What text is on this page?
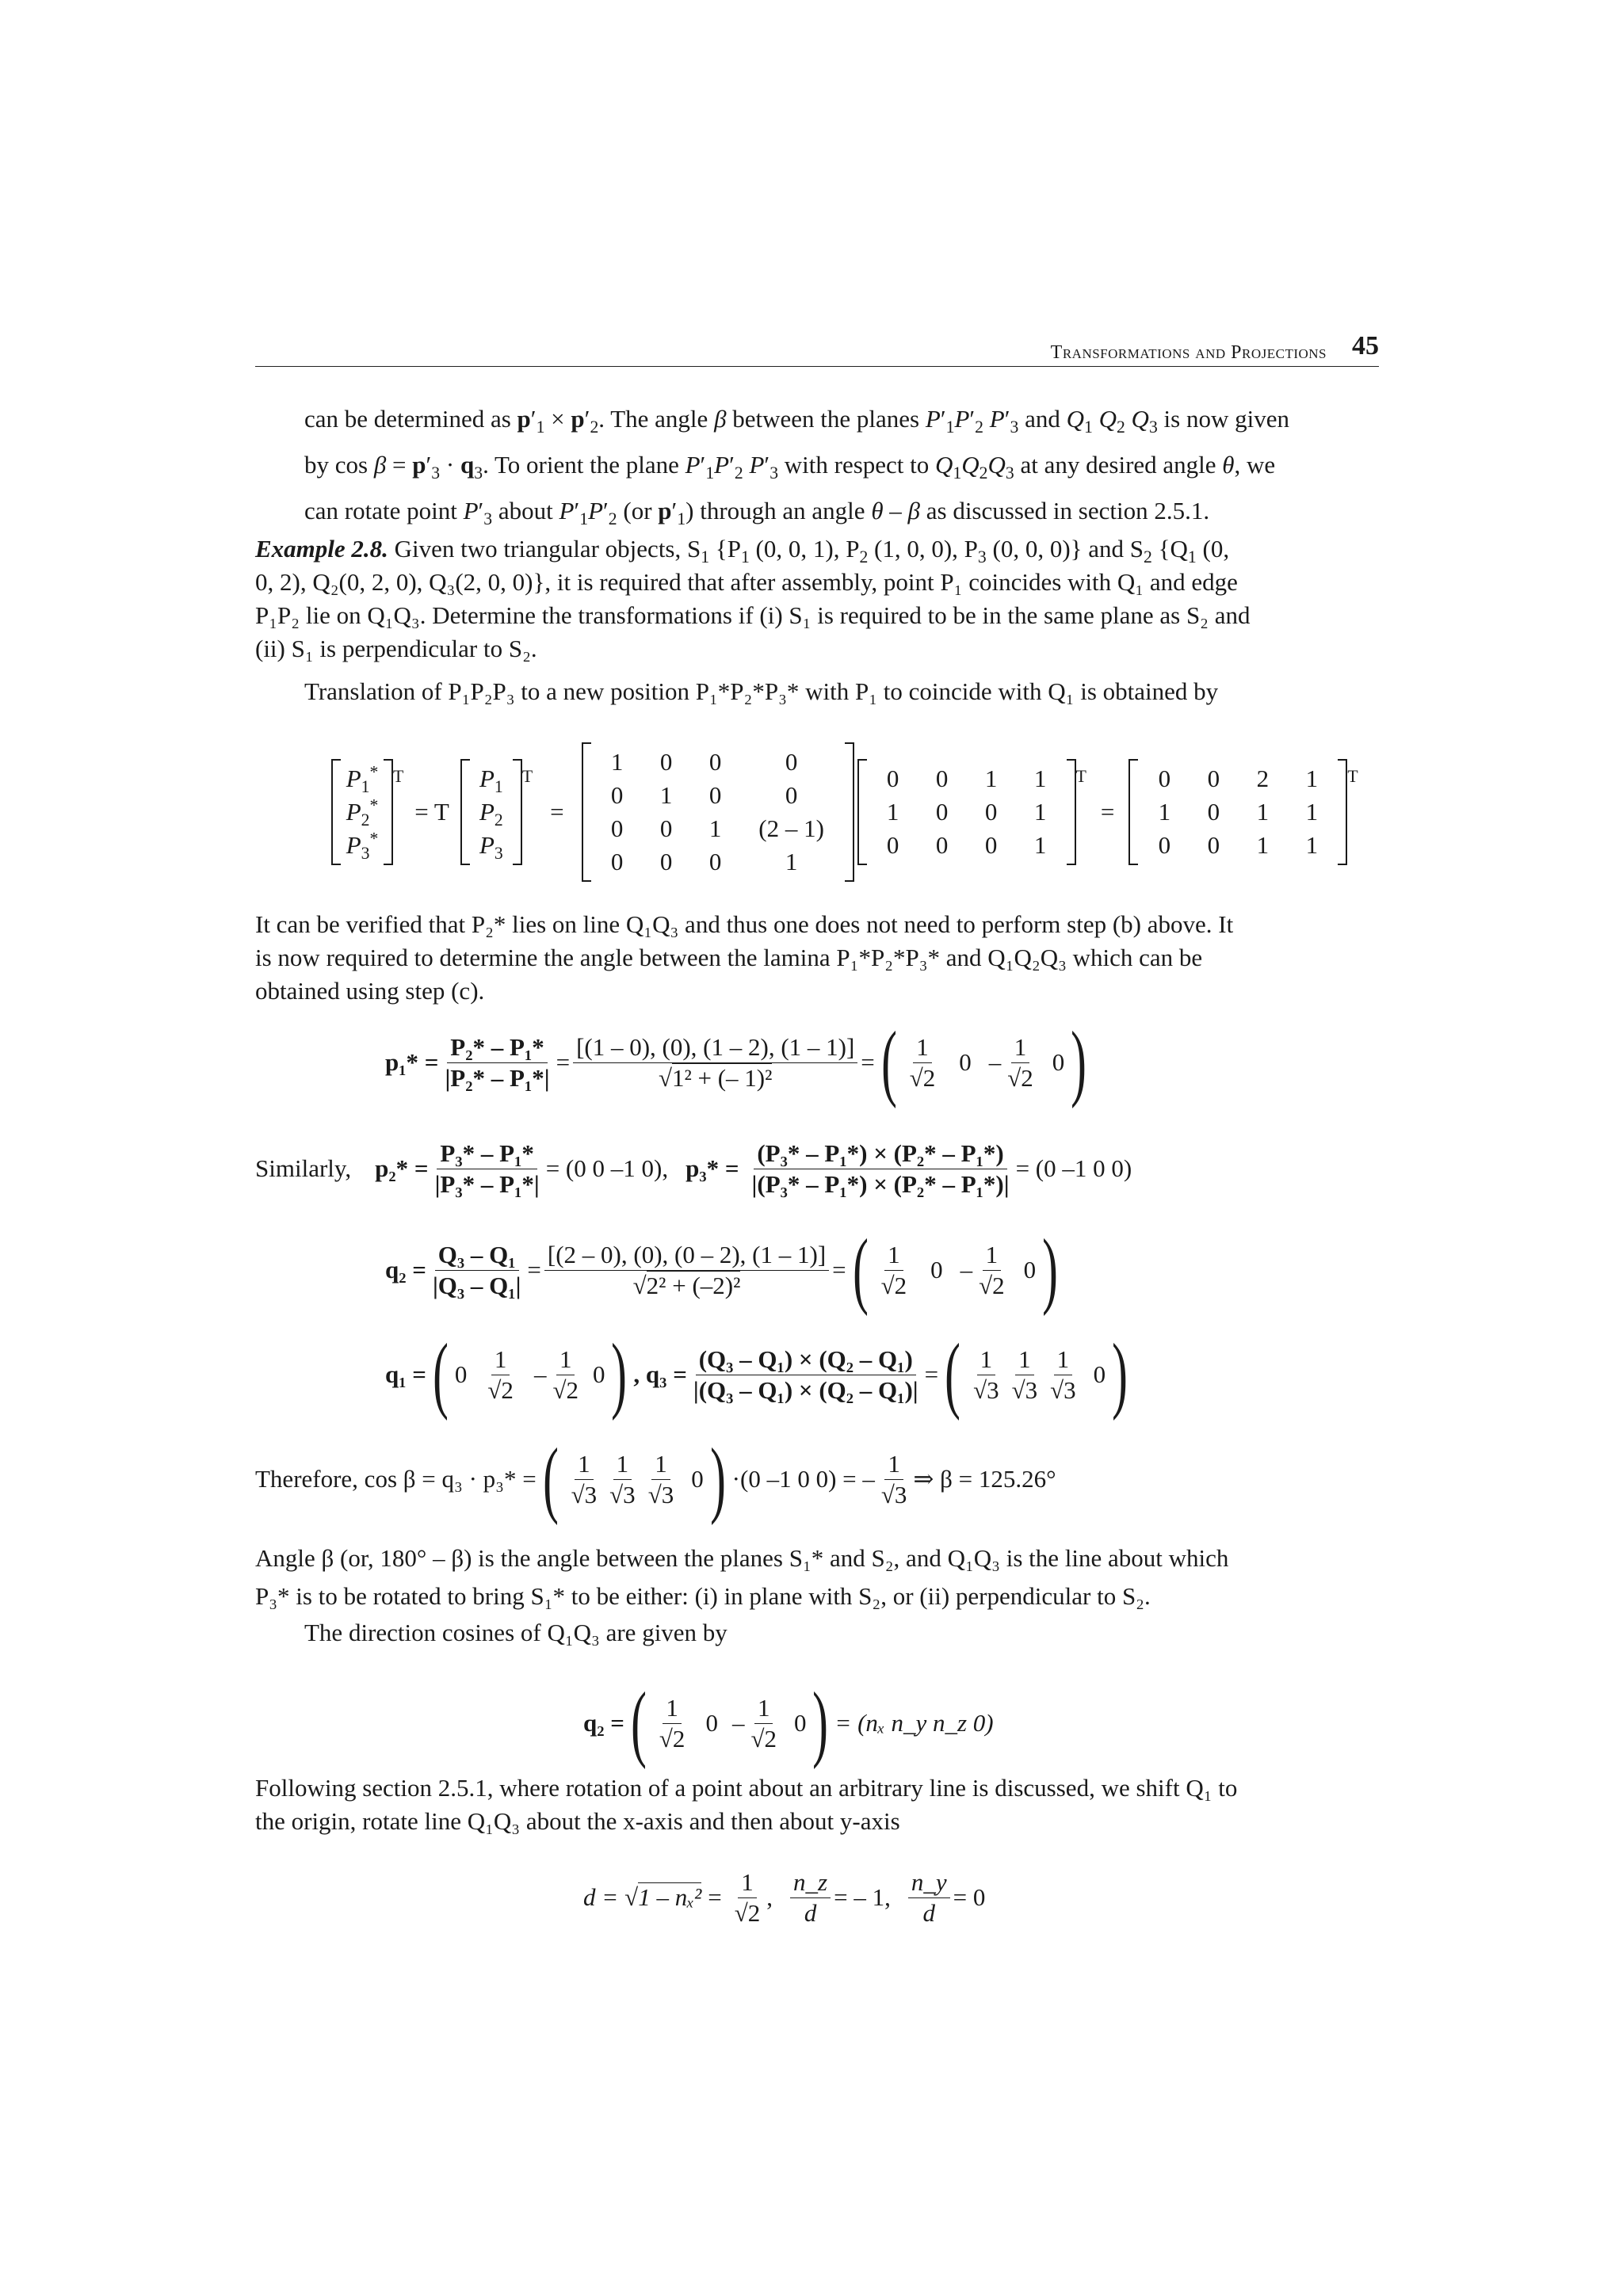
Transformations and Projections 45
can be determined as $p'_1 \times p'_2$. The angle β between the planes $P'_1P'_2$ $P'_3$ and $Q_1$ $Q_2$ $Q_3$ is now given
by $\cos \beta = p'_3 \cdot q_3$. To orient the plane $P'_1P'_2$ $P'_3$ with respect to $Q_1Q_2Q_3$ at any desired angle θ, we
can rotate point $P'_3$ about $P'_1P'_2$ (or $p'_1$) through an angle θ – β as discussed in section 2.5.1.
Example 2.8. Given two triangular objects, $S_1$ {$P_1$ (0, 0, 1), $P_2$ (1, 0, 0), $P_3$ (0, 0, 0)} and $S_2$ {$Q_1$ (0,
0, 2), Q₂(0, 2, 0), Q₃(2, 0, 0)}, it is required that after assembly, point P₁ coincides with Q₁ and edge
P₁P₂ lie on Q₁Q₃. Determine the transformations if (i) S₁ is required to be in the same plane as S₂ and
(ii) S₁ is perpendicular to S₂.
Translation of P₁P₂P₃ to a new position P₁*P₂*P₃* with P₁ to coincide with Q₁ is obtained by
$P_1^*$
$P_2^*$
$P_3^*$
T
= T
$P_1$
$P_2$
$P_3$
T
=
1	0	0	0
0	1	0	0
0	0	1	(2 – 1)
0	0	0	1
0	0	1	1
1	0	0	1
0	0	0	1
T
=
0	0	2	1
1	0	1	1
0	0	1	1
T
It can be verified that P₂* lies on line Q₁Q₃ and thus one does not need to perform step (b) above. It
is now required to determine the angle between the lamina P₁*P₂*P₃* and Q₁Q₂Q₃ which can be
obtained using step (c).
$p_1* = \frac{\text{P₂* – P₁*}}{\text{|P₂* – P₁*|}} = \frac{[(1 - 0), (0), (1 - 2), (1 - 1)]}{\text{√1² + (– 1)²}}$ = ( $\frac{1}{√2} 0 - \frac{1}{√2} 0$ )
Similarly, $p_2* = \frac{\text{P₃* – P₁*}}{\text{|P₃* – P₁*|}} = (0$ 0 –1 0), $p_3* = \frac{\text{(P₃* – P₁*) × (P₂* – P₁*)}}{\text{|(P₃* – P₁*) × (P₂* – P₁*)|}} = (0$ –1 0 0)
$q_2 = \frac{\text{Q₃ – Q₁}}{\text{|Q₃ – Q₁|}} = \frac{[(2 - 0), (0), (0 - 2), (1 - 1)]}{\text{√2² + (–2)²}}$ = ( $\frac{1}{√2} 0 - \frac{1}{√2} 0$ )
q₁ = ( $0 \frac{1}{√2} - \frac{1}{√2} 0$ ) , $q_3 = \frac{\text{(Q₃ – Q₁) × (Q₂ – Q₁)}}{\text{|(Q₃ – Q₁) × (Q₂ – Q₁)|}}$ = ( $\frac{1}{√3} \frac{1}{√3} \frac{1}{√3} 0$ )
Therefore, cos β = q₃ · p₃* = ( $\frac{1}{√3} \frac{1}{√3} \frac{1}{√3} 0$ ) ·(0 –1 0 0) = – $\frac{1}{√3}$ ⇒ β = 125.26°
Angle β (or, 180° – β) is the angle between the planes S₁* and S₂, and Q₁Q₃ is the line about which
P₃* is to be rotated to bring S₁* to be either: (i) in plane with S₂, or (ii) perpendicular to S₂.
The direction cosines of Q₁Q₃ are given by
q₂ = ( $\frac{1}{√2} 0 - \frac{1}{√2} 0$ ) = (nₓ n_y n_z 0)
Following section 2.5.1, where rotation of a point about an arbitrary line is discussed, we shift Q₁ to
the origin, rotate line Q₁Q₃ about the x-axis and then about y-axis
$d = √1 - n_x^2 = \frac{1}{√2}$ , $\frac{n\_z}{d}$ = – 1, $\frac{n\_y}{d} = 0$
